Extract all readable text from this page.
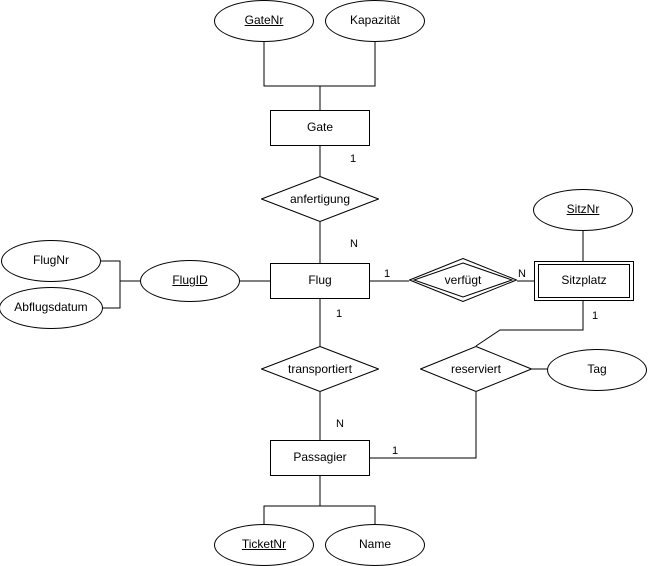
Gate
Flug	Sitzplatz
Passagier
GateNr	Kapazität
SitzNr
FlugNr
FlugID
Abflugsdatum
Tag
TicketNr	Name
anfertigung
verfügt
transportiert	reserviert
1
N
1	N
1	1
N
1
